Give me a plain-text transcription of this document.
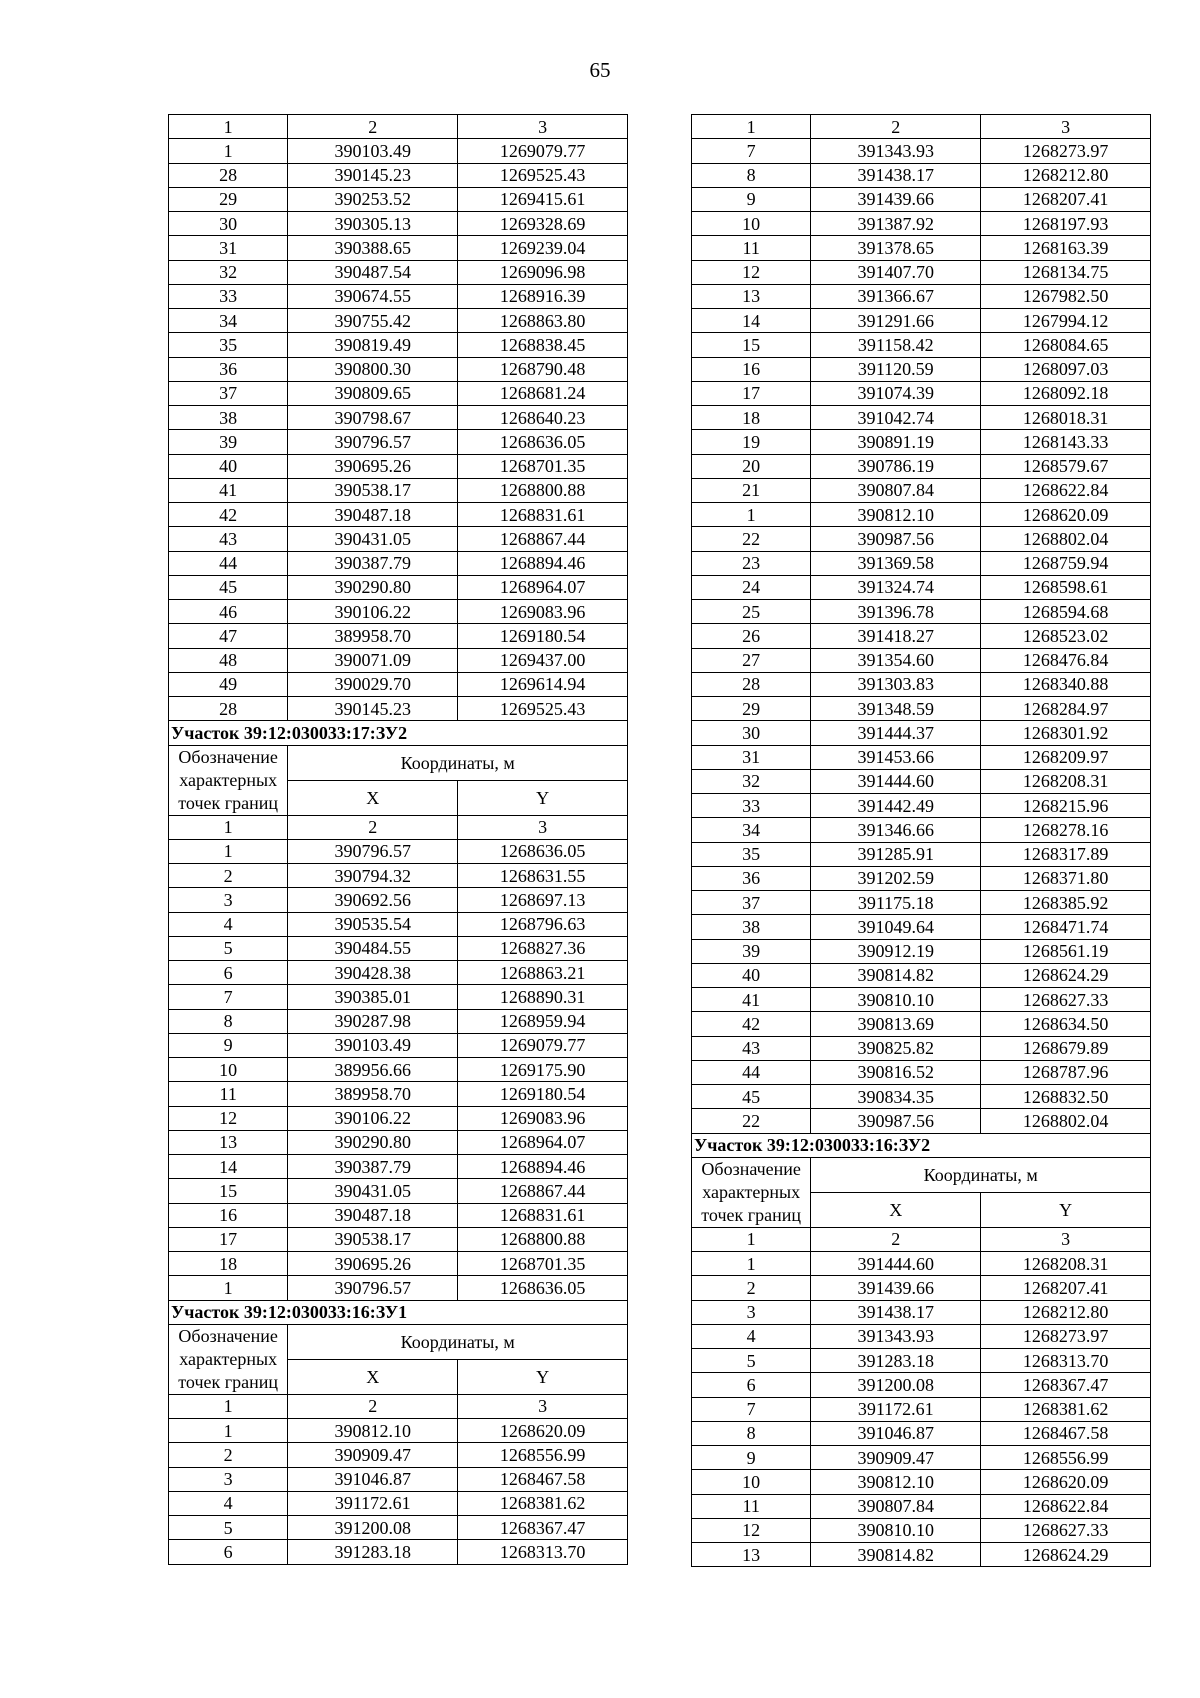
65
1	2	3
1	390103.49	1269079.77
28	390145.23	1269525.43
29	390253.52	1269415.61
30	390305.13	1269328.69
31	390388.65	1269239.04
32	390487.54	1269096.98
33	390674.55	1268916.39
34	390755.42	1268863.80
35	390819.49	1268838.45
36	390800.30	1268790.48
37	390809.65	1268681.24
38	390798.67	1268640.23
39	390796.57	1268636.05
40	390695.26	1268701.35
41	390538.17	1268800.88
42	390487.18	1268831.61
43	390431.05	1268867.44
44	390387.79	1268894.46
45	390290.80	1268964.07
46	390106.22	1269083.96
47	389958.70	1269180.54
48	390071.09	1269437.00
49	390029.70	1269614.94
28	390145.23	1269525.43
Участок 39:12:030033:17:ЗУ2		
Обозначение характерных точек границ	Координаты, м	
	X	Y
1	2	3
1	390796.57	1268636.05
2	390794.32	1268631.55
3	390692.56	1268697.13
4	390535.54	1268796.63
5	390484.55	1268827.36
6	390428.38	1268863.21
7	390385.01	1268890.31
8	390287.98	1268959.94
9	390103.49	1269079.77
10	389956.66	1269175.90
11	389958.70	1269180.54
12	390106.22	1269083.96
13	390290.80	1268964.07
14	390387.79	1268894.46
15	390431.05	1268867.44
16	390487.18	1268831.61
17	390538.17	1268800.88
18	390695.26	1268701.35
1	390796.57	1268636.05
Участок 39:12:030033:16:ЗУ1		
Обозначение характерных точек границ	Координаты, м	
	X	Y
1	2	3
1	390812.10	1268620.09
2	390909.47	1268556.99
3	391046.87	1268467.58
4	391172.61	1268381.62
5	391200.08	1268367.47
6	391283.18	1268313.70
1	2	3
7	391343.93	1268273.97
8	391438.17	1268212.80
9	391439.66	1268207.41
10	391387.92	1268197.93
11	391378.65	1268163.39
12	391407.70	1268134.75
13	391366.67	1267982.50
14	391291.66	1267994.12
15	391158.42	1268084.65
16	391120.59	1268097.03
17	391074.39	1268092.18
18	391042.74	1268018.31
19	390891.19	1268143.33
20	390786.19	1268579.67
21	390807.84	1268622.84
1	390812.10	1268620.09
22	390987.56	1268802.04
23	391369.58	1268759.94
24	391324.74	1268598.61
25	391396.78	1268594.68
26	391418.27	1268523.02
27	391354.60	1268476.84
28	391303.83	1268340.88
29	391348.59	1268284.97
30	391444.37	1268301.92
31	391453.66	1268209.97
32	391444.60	1268208.31
33	391442.49	1268215.96
34	391346.66	1268278.16
35	391285.91	1268317.89
36	391202.59	1268371.80
37	391175.18	1268385.92
38	391049.64	1268471.74
39	390912.19	1268561.19
40	390814.82	1268624.29
41	390810.10	1268627.33
42	390813.69	1268634.50
43	390825.82	1268679.89
44	390816.52	1268787.96
45	390834.35	1268832.50
22	390987.56	1268802.04
Участок 39:12:030033:16:ЗУ2		
Обозначение характерных точек границ	Координаты, м	
	X	Y
1	2	3
1	391444.60	1268208.31
2	391439.66	1268207.41
3	391438.17	1268212.80
4	391343.93	1268273.97
5	391283.18	1268313.70
6	391200.08	1268367.47
7	391172.61	1268381.62
8	391046.87	1268467.58
9	390909.47	1268556.99
10	390812.10	1268620.09
11	390807.84	1268622.84
12	390810.10	1268627.33
13	390814.82	1268624.29
